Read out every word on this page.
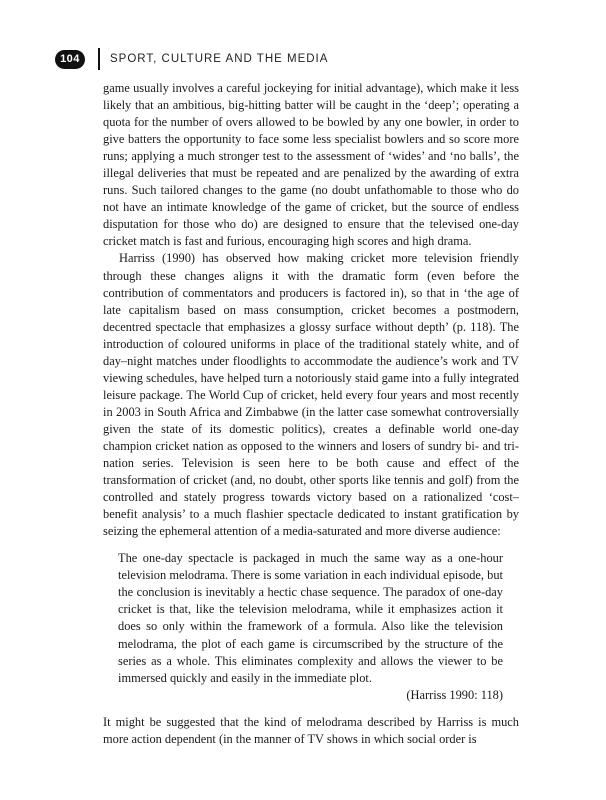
104	SPORT, CULTURE AND THE MEDIA

game usually involves a careful jockeying for initial advantage), which make it less likely that an ambitious, big-hitting batter will be caught in the ‘deep’; operating a quota for the number of overs allowed to be bowled by any one bowler, in order to give batters the opportunity to face some less specialist bowlers and so score more runs; applying a much stronger test to the assessment of ‘wides’ and ‘no balls’, the illegal deliveries that must be repeated and are penalized by the awarding of extra runs. Such tailored changes to the game (no doubt unfathomable to those who do not have an intimate knowledge of the game of cricket, but the source of endless disputation for those who do) are designed to ensure that the televised one-day cricket match is fast and furious, encouraging high scores and high drama.

Harriss (1990) has observed how making cricket more television friendly through these changes aligns it with the dramatic form (even before the contribution of commentators and producers is factored in), so that in ‘the age of late capitalism based on mass consumption, cricket becomes a postmodern, decentred spectacle that emphasizes a glossy surface without depth’ (p. 118). The introduction of coloured uniforms in place of the traditional stately white, and of day–night matches under floodlights to accommodate the audience’s work and TV viewing schedules, have helped turn a notoriously staid game into a fully integrated leisure package. The World Cup of cricket, held every four years and most recently in 2003 in South Africa and Zimbabwe (in the latter case somewhat controversially given the state of its domestic politics), creates a definable world one-day champion cricket nation as opposed to the winners and losers of sundry bi- and tri-nation series. Television is seen here to be both cause and effect of the transformation of cricket (and, no doubt, other sports like tennis and golf) from the controlled and stately progress towards victory based on a rationalized ‘cost–benefit analysis’ to a much flashier spectacle dedicated to instant gratification by seizing the ephemeral attention of a media-saturated and more diverse audience:

The one-day spectacle is packaged in much the same way as a one-hour television melodrama. There is some variation in each individual episode, but the conclusion is inevitably a hectic chase sequence. The paradox of one-day cricket is that, like the television melodrama, while it emphasizes action it does so only within the framework of a formula. Also like the television melodrama, the plot of each game is circumscribed by the structure of the series as a whole. This eliminates complexity and allows the viewer to be immersed quickly and easily in the immediate plot.

(Harriss 1990: 118)

It might be suggested that the kind of melodrama described by Harriss is much more action dependent (in the manner of TV shows in which social order is
